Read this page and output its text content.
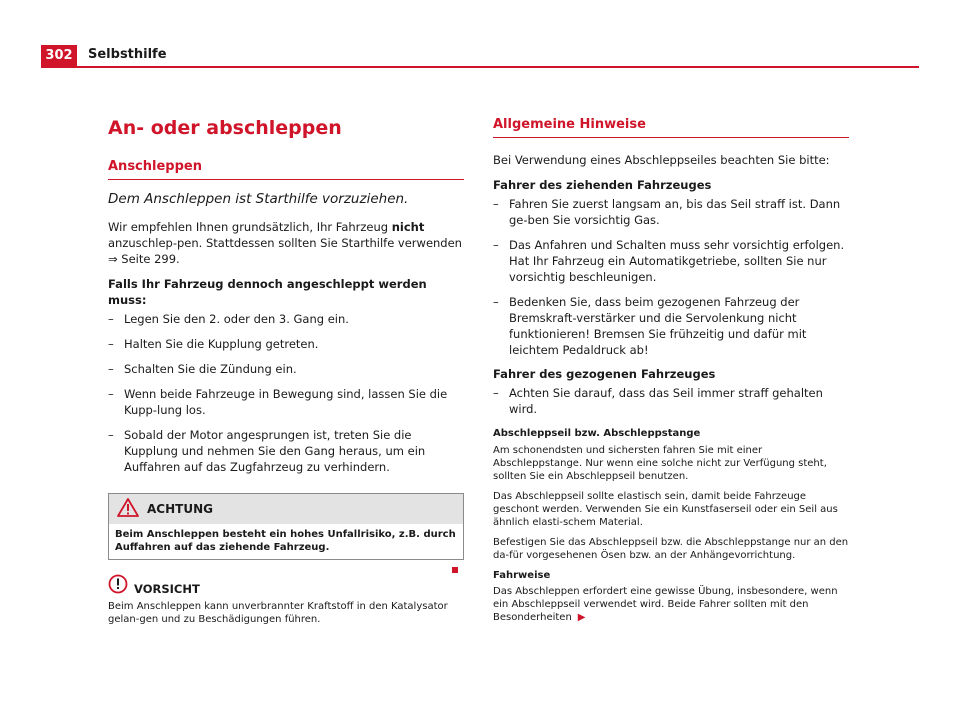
302	Selbsthilfe
An- oder abschleppen
Anschleppen

Dem Anschleppen ist Starthilfe vorzuziehen.

Wir empfehlen Ihnen grundsätzlich, Ihr Fahrzeug nicht anzuschlep-pen. Stattdessen sollten Sie Starthilfe verwenden ⇒ Seite 299.

Falls Ihr Fahrzeug dennoch angeschleppt werden muss:

– Legen Sie den 2. oder den 3. Gang ein.
– Halten Sie die Kupplung getreten.
– Schalten Sie die Zündung ein.
– Wenn beide Fahrzeuge in Bewegung sind, lassen Sie die Kupp-lung los.
– Sobald der Motor angesprungen ist, treten Sie die Kupplung und nehmen Sie den Gang heraus, um ein Auffahren auf das Zugfahrzeug zu verhindern.
ACHTUNG
Beim Anschleppen besteht ein hohes Unfallrisiko, z.B. durch Auffahren auf das ziehende Fahrzeug.
VORSICHT

Beim Anschleppen kann unverbrannter Kraftstoff in den Katalysator gelan-gen und zu Beschädigungen führen.

Allgemeine Hinweise

Bei Verwendung eines Abschleppseiles beachten Sie bitte:

Fahrer des ziehenden Fahrzeuges

– Fahren Sie zuerst langsam an, bis das Seil straff ist. Dann ge-ben Sie vorsichtig Gas.
– Das Anfahren und Schalten muss sehr vorsichtig erfolgen. Hat Ihr Fahrzeug ein Automatikgetriebe, sollten Sie nur vorsichtig beschleunigen.
– Bedenken Sie, dass beim gezogenen Fahrzeug der Bremskraft-verstärker und die Servolenkung nicht funktionieren! Bremsen Sie frühzeitig und dafür mit leichtem Pedaldruck ab!

Fahrer des gezogenen Fahrzeuges

– Achten Sie darauf, dass das Seil immer straff gehalten wird.

Abschleppseil bzw. Abschleppstange

Am schonendsten und sichersten fahren Sie mit einer Abschleppstange. Nur wenn eine solche nicht zur Verfügung steht, sollten Sie ein Abschleppseil benutzen.

Das Abschleppseil sollte elastisch sein, damit beide Fahrzeuge geschont werden. Verwenden Sie ein Kunstfaserseil oder ein Seil aus ähnlich elasti-schem Material.

Befestigen Sie das Abschleppseil bzw. die Abschleppstange nur an den da-für vorgesehenen Ösen bzw. an der Anhängevorrichtung.

Fahrweise

Das Abschleppen erfordert eine gewisse Übung, insbesondere, wenn ein Abschleppseil verwendet wird. Beide Fahrer sollten mit den Besonderheiten ▶
